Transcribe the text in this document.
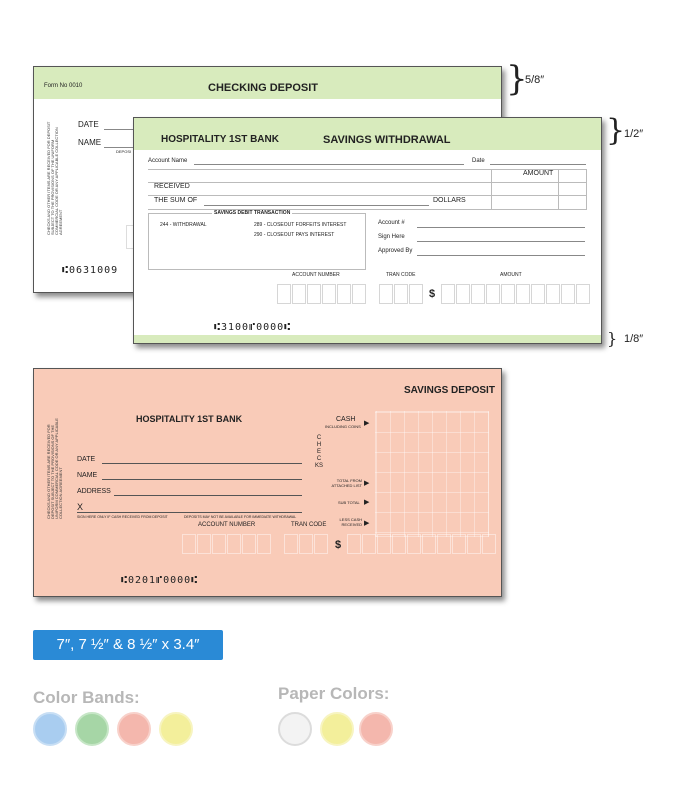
Form No 0010	CHECKING DEPOSIT
CHECKS AND OTHER ITEMS ARE RECEIVED FOR DEPOSIT SUBJECT TO THE PROVISIONS OF THE UNIFORM COMMERCIAL CODE OR ANY APPLICABLE COLLECTION AGREEMENT
DATE
NAME
DEPOSI
⑆0631009
}
5/8″
HOSPITALITY 1ST BANK	SAVINGS WITHDRAWAL
Account Name	Date
AMOUNT
RECEIVED
THE SUM OF	DOLLARS
SAVINGS DEBIT TRANSACTION
244 - WITHDRAWAL	289 - CLOSEOUT FORFEITS INTEREST
290 - CLOSEOUT PAYS INTEREST
Account #
Sign Here
Approved By
ACCOUNT NUMBER	TRAN CODE	AMOUNT
$
⑆3100⑈0000⑆
}
1/2″
} 1/8″
SAVINGS DEPOSIT
HOSPITALITY 1ST BANK
CHECKS AND OTHER ITEMS ARE RECEIVED FOR DEPOSIT SUBJECT TO THE PROVISIONS OF THE UNIFORM COMMERCIAL CODE OR ANY APPLICABLE COLLECTION AGREEMENT
CASH
INCLUDING COINS ▶
CHECKS
TOTAL FROM ATTACHED LIST ▶
SUB TOTAL ▶
LESS CASH RECEIVED ▶
DATE
NAME
ADDRESS
X
SIGN HERE ONLY IF CASH RECEIVED FROM DEPOSIT	DEPOSITS MAY NOT BE AVAILABLE FOR IMMEDIATE WITHDRAWAL
ACCOUNT NUMBER	TRAN CODE
$
⑆0201⑈0000⑆
7″, 7 ½″ & 8 ½″ x 3.4″
Color Bands:	Paper Colors:
